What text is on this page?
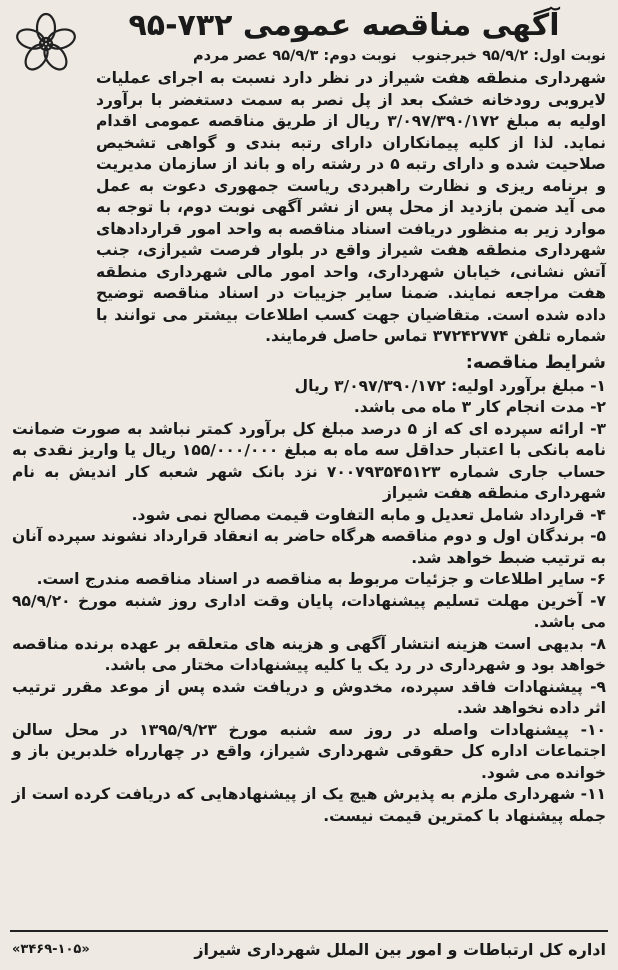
آگهی مناقصه عمومی ۷۳۲-۹۵
نوبت اول: ۹۵/۹/۲ خبرجنوب نوبت دوم: ۹۵/۹/۳ عصر مردم
شهرداری منطقه هفت شیراز در نظر دارد نسبت به اجرای عملیات لایروبی رودخانه خشک بعد از پل نصر به سمت دستغضر با برآورد اولیه به مبلغ ۳/۰۹۷/۳۹۰/۱۷۲ ریال از طریق مناقصه عمومی اقدام نماید. لذا از کلیه پیمانکاران دارای رتبه بندی و گواهی تشخیص صلاحیت شده و دارای رتبه ۵ در رشته راه و باند از سازمان مدیریت و برنامه ریزی و نظارت راهبردی ریاست جمهوری دعوت به عمل می آید ضمن بازدید از محل پس از نشر آگهی نوبت دوم، با توجه به موارد زیر به منظور دریافت اسناد مناقصه به واحد امور قراردادهای شهرداری منطقه هفت شیراز واقع در بلوار فرصت شیرازی، جنب آتش نشانی، خیابان شهرداری، واحد امور مالی شهرداری منطقه هفت مراجعه نمایند. ضمنا سایر جزییات در اسناد مناقصه توضیح داده شده است. متقاضیان جهت کسب اطلاعات بیشتر می توانند با شماره تلفن ۳۷۲۴۲۷۷۴ تماس حاصل فرمایند.
شرایط مناقصه:
۱- مبلغ برآورد اولیه: ۳/۰۹۷/۳۹۰/۱۷۲ ریال
۲- مدت انجام کار ۳ ماه می باشد.
۳- ارائه سپرده ای که از ۵ درصد مبلغ کل برآورد کمتر نباشد به صورت ضمانت نامه بانکی با اعتبار حداقل سه ماه به مبلغ ۱۵۵/۰۰۰/۰۰۰ ریال یا واریز نقدی به حساب جاری شماره ۷۰۰۷۹۳۵۴۵۱۲۳ نزد بانک شهر شعبه کار اندیش به نام شهرداری منطقه هفت شیراز
۴- قرارداد شامل تعدیل و مابه التفاوت قیمت مصالح نمی شود.
۵- برندگان اول و دوم مناقصه هرگاه حاضر به انعقاد قرارداد نشوند سپرده آنان به ترتیب ضبط خواهد شد.
۶- سایر اطلاعات و جزئیات مربوط به مناقصه در اسناد مناقصه مندرج است.
۷- آخرین مهلت تسلیم پیشنهادات، پایان وقت اداری روز شنبه مورخ ۹۵/۹/۲۰ می باشد.
۸- بدیهی است هزینه انتشار آگهی و هزینه های متعلقه بر عهده برنده مناقصه خواهد بود و شهرداری در رد یک یا کلیه پیشنهادات مختار می باشد.
۹- پیشنهادات فاقد سپرده، مخدوش و دریافت شده پس از موعد مقرر ترتیب اثر داده نخواهد شد.
۱۰- پیشنهادات واصله در روز سه شنبه مورخ ۱۳۹۵/۹/۲۳ در محل سالن اجتماعات اداره کل حقوقی شهرداری شیراز، واقع در چهارراه خلدبرین باز و خوانده می شود.
۱۱- شهرداری ملزم به پذیرش هیچ یک از پیشنهادهایی که دریافت کرده است از جمله پیشنهاد با کمترین قیمت نیست.
اداره کل ارتباطات و امور بین الملل شهرداری شیراز
«۳۴۶۹-۱۰۵»
